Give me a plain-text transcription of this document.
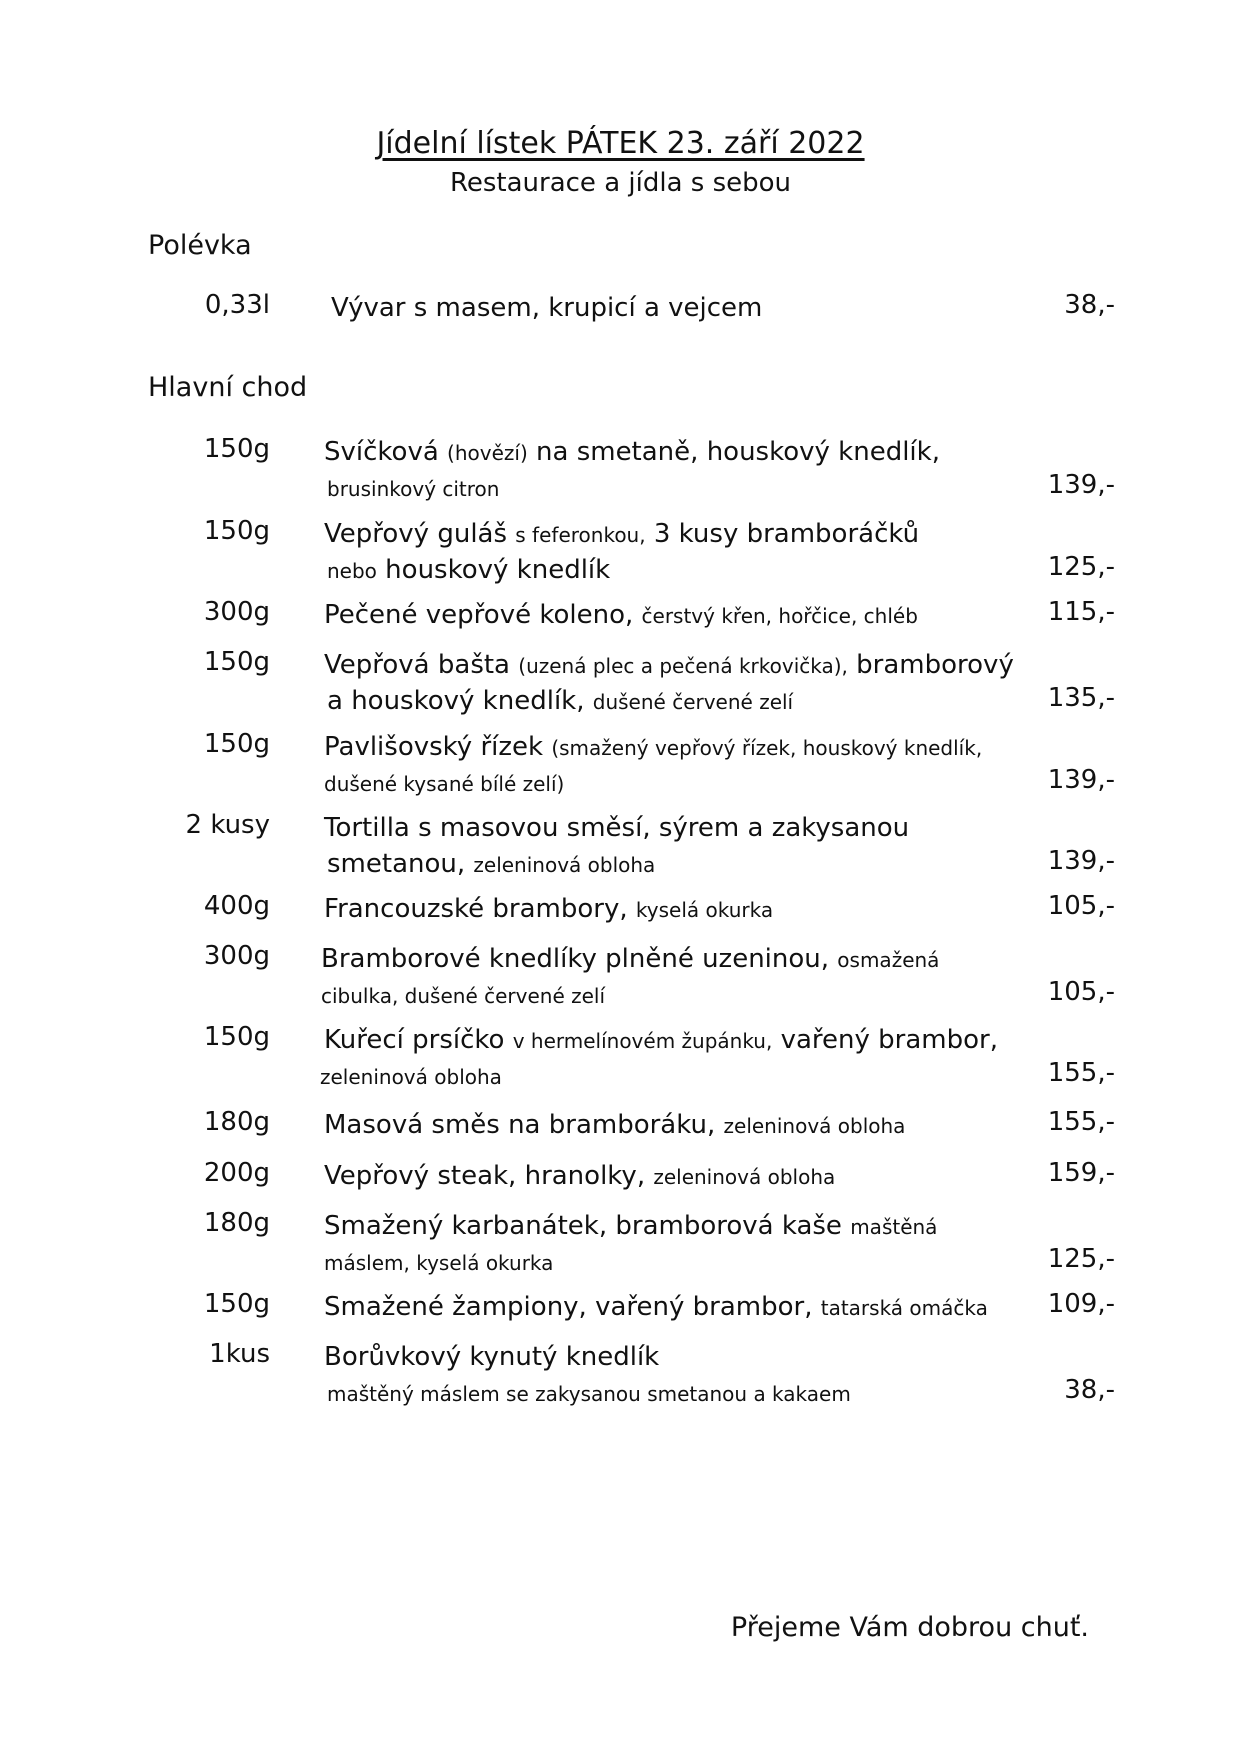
Jídelní lístek PÁTEK 23. září 2022
Restaurace a jídla s sebou
Polévka
0,33l Vývar s masem, krupicí a vejcem	38,-
Hlavní chod
150g Svíčková (hovězí) na smetaně, houskový knedlík,
brusinkový citron	139,-
150g Vepřový guláš s feferonkou, 3 kusy bramboráčků
nebo houskový knedlík	125,-
300g Pečené vepřové koleno, čerstvý křen, hořčice, chléb	115,-
150g Vepřová bašta (uzená plec a pečená krkovička), bramborový
a houskový knedlík, dušené červené zelí	135,-
150g Pavlišovský řízek (smažený vepřový řízek, houskový knedlík,
dušené kysané bílé zelí)	139,-
2 kusy Tortilla s masovou směsí, sýrem a zakysanou
smetanou, zeleninová obloha	139,-
400g Francouzské brambory, kyselá okurka	105,-
300g Bramborové knedlíky plněné uzeninou, osmažená
cibulka, dušené červené zelí	105,-
150g Kuřecí prsíčko v hermelínovém župánku, vařený brambor,
zeleninová obloha	155,-
180g Masová směs na bramboráku, zeleninová obloha	155,-
200g Vepřový steak, hranolky, zeleninová obloha	159,-
180g Smažený karbanátek, bramborová kaše maštěná
máslem, kyselá okurka	125,-
150g Smažené žampiony, vařený brambor, tatarská omáčka	109,-
1kus Borůvkový kynutý knedlík
maštěný máslem se zakysanou smetanou a kakaem	38,-
Přejeme Vám dobrou chuť.
